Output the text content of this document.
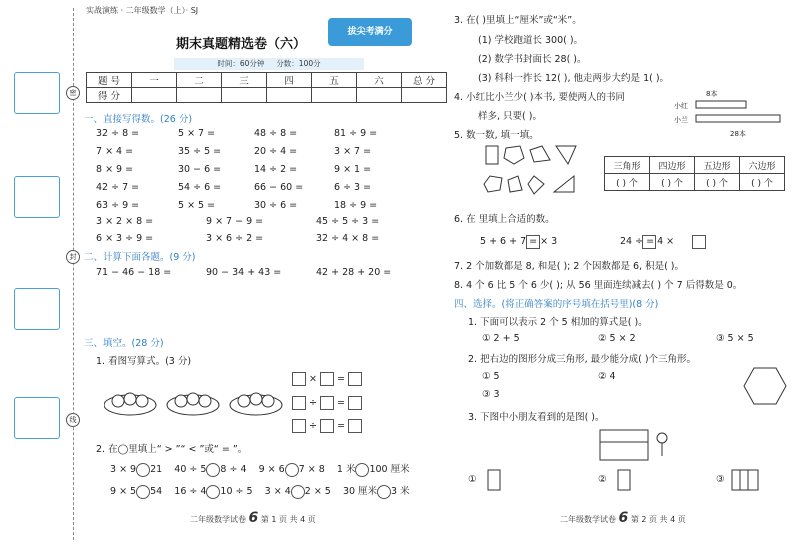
密
封
线
实战演练 · 二年级数学（上）· SJ
期末真题精选卷（六）
拔尖考满分
时间：60分钟 分数：100分
题 号	一	二	三	四	五	六	总 分
得 分							
一、直接写得数。(26 分)
32 ÷ 8 =	5 × 7 =	48 ÷ 8 =	81 ÷ 9 =
7 × 4 =	35 ÷ 5 =	20 ÷ 4 =	3 × 7 =
8 × 9 =	30 − 6 =	14 ÷ 2 =	9 × 1 =
42 ÷ 7 =	54 ÷ 6 =	66 − 60 =	6 ÷ 3 =
63 ÷ 9 =	5 × 5 =	30 ÷ 6 =	18 ÷ 9 =
3 × 2 × 8 =	9 × 7 − 9 =	45 ÷ 5 ÷ 3 =
6 × 3 ÷ 9 =	3 × 6 ÷ 2 =	32 ÷ 4 × 8 =
二、计算下面各题。(9 分)
71 − 46 − 18 =	90 − 34 + 43 =	42 + 28 + 20 =
三、填空。(28 分)
1. 看图写算式。(3 分)
× =
÷ =
÷ =
2. 在◯里填上“ > ”“ < ”或“ = ”。
3 × 9 21 40 ÷ 5 8 ÷ 4 9 × 6 7 × 8 1 米 100 厘米
9 × 5 54 16 ÷ 4 10 ÷ 5 3 × 4 2 × 5 30 厘米 3 米
二年级数学试卷 6 第 1 页 共 4 页
3. 在( )里填上“厘米”或“米”。
(1) 学校跑道长 300( )。
(2) 数学书封面长 28( )。
(3) 科科一拃长 12( ), 他走两步大约是 1( )。
4. 小红比小兰少( )本书, 要使两人的书同
样多, 只要( )。
8本
小红
小兰
28本
5. 数一数, 填一填。
三角形	四边形	五边形	六边形
( ) 个	( ) 个	( ) 个	( ) 个
6. 在 里填上合适的数。
5 + 6 + 7 = × 3	24 ÷ = 4 ×
7. 2 个加数都是 8, 和是( ); 2 个因数都是 6, 积是( )。
8. 4 个 6 比 5 个 6 少( ); 从 56 里面连续减去( ) 个 7 后得数是 0。
四、选择。(将正确答案的序号填在括号里)(8 分)
1. 下面可以表示 2 个 5 相加的算式是( )。
① 2 + 5	② 5 × 2	③ 5 × 5
2. 把右边的图形分成三角形, 最少能分成( )个三角形。
① 5	② 4
③ 3
3. 下图中小朋友看到的是图( )。
①	②	③
二年级数学试卷 6 第 2 页 共 4 页
